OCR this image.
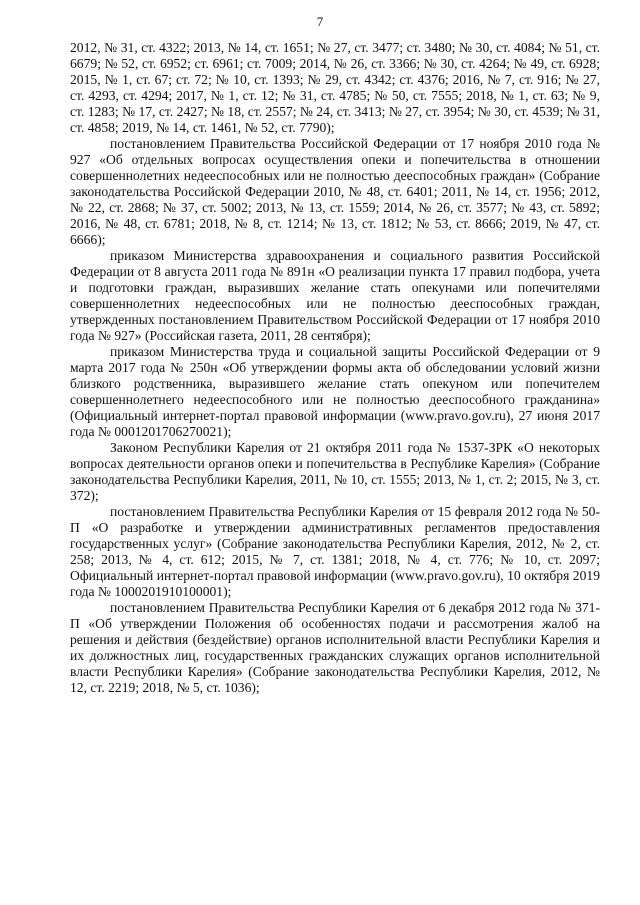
7

2012, № 31, ст. 4322; 2013, № 14, ст. 1651; № 27, ст. 3477; ст. 3480; № 30, ст. 4084; № 51, ст. 6679; № 52, ст. 6952; ст. 6961; ст. 7009; 2014, № 26, ст. 3366; № 30, ст. 4264; № 49, ст. 6928; 2015, № 1, ст. 67; ст. 72; № 10, ст. 1393; № 29, ст. 4342; ст. 4376; 2016, № 7, ст. 916; № 27, ст. 4293, ст. 4294; 2017, № 1, ст. 12; № 31, ст. 4785; № 50, ст. 7555; 2018, № 1, ст. 63; № 9, ст. 1283; № 17, ст. 2427; № 18, ст. 2557; № 24, ст. 3413; № 27, ст. 3954; № 30, ст. 4539; № 31, ст. 4858; 2019, № 14, ст. 1461, № 52, ст. 7790);

постановлением Правительства Российской Федерации от 17 ноября 2010 года № 927 «Об отдельных вопросах осуществления опеки и попечительства в отношении совершеннолетних недееспособных или не полностью дееспособных граждан» (Собрание законодательства Российской Федерации 2010, № 48, ст. 6401; 2011, № 14, ст. 1956; 2012, № 22, ст. 2868; № 37, ст. 5002; 2013, № 13, ст. 1559; 2014, № 26, ст. 3577; № 43, ст. 5892; 2016, № 48, ст. 6781; 2018, № 8, ст. 1214; № 13, ст. 1812; № 53, ст. 8666; 2019, № 47, ст. 6666);

приказом Министерства здравоохранения и социального развития Российской Федерации от 8 августа 2011 года № 891н «О реализации пункта 17 правил подбора, учета и подготовки граждан, выразивших желание стать опекунами или попечителями совершеннолетних недееспособных или не полностью дееспособных граждан, утвержденных постановлением Правительством Российской Федерации от 17 ноября 2010 года № 927» (Российская газета, 2011, 28 сентября);

приказом Министерства труда и социальной защиты Российской Федерации от 9 марта 2017 года № 250н «Об утверждении формы акта об обследовании условий жизни близкого родственника, выразившего желание стать опекуном или попечителем совершеннолетнего недееспособного или не полностью дееспособного гражданина» (Официальный интернет-портал правовой информации (www.pravo.gov.ru), 27 июня 2017 года № 0001201706270021);

Законом Республики Карелия от 21 октября 2011 года № 1537-ЗРК «О некоторых вопросах деятельности органов опеки и попечительства в Республике Карелия» (Собрание законодательства Республики Карелия, 2011, № 10, ст. 1555; 2013, № 1, ст. 2; 2015, № 3, ст. 372);

постановлением Правительства Республики Карелия от 15 февраля 2012 года № 50-П «О разработке и утверждении административных регламентов предоставления государственных услуг» (Собрание законодательства Республики Карелия, 2012, № 2, ст. 258; 2013, № 4, ст. 612; 2015, № 7, ст. 1381; 2018, № 4, ст. 776; № 10, ст. 2097; Официальный интернет-портал правовой информации (www.pravo.gov.ru), 10 октября 2019 года № 1000201910100001);

постановлением Правительства Республики Карелия от 6 декабря 2012 года № 371-П «Об утверждении Положения об особенностях подачи и рассмотрения жалоб на решения и действия (бездействие) органов исполнительной власти Республики Карелия и их должностных лиц, государственных гражданских служащих органов исполнительной власти Республики Карелия» (Собрание законодательства Республики Карелия, 2012, № 12, ст. 2219; 2018, № 5, ст. 1036);
